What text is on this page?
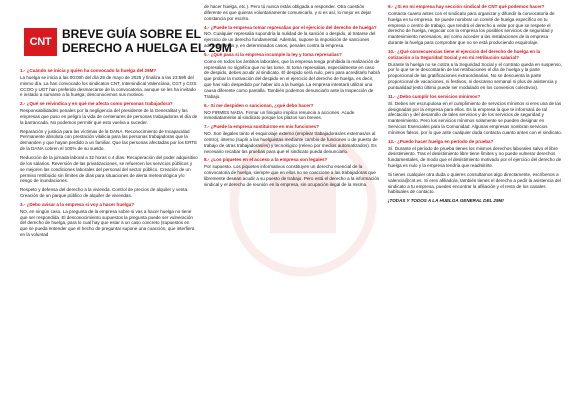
CNT
BREVE GUÍA SOBRE EL
DERECHO A HUELGA EL 29M
1.- ¿Cuándo se inicia y quién ha convocado la huelga del 29M?
La huelga se inicia a las 00:00h del día 29 de mayo de 2025 y finaliza a las 23:59h del mismo día. La han convocado los sindicatos CNT, Intersindical Valenciana, CGT y COS. CCOO y UGT han preferido desmarcarse de la convocatoria, aunque se les ha invitado e instado a sumarse a la huelga; desconocemos sus motivos.
2.- ¿Qué se reivindica y en qué me afecta como personas trabajadora?
Responsabilidades penales por la negligencia del presidente de la Generalitat y las empresas que puso en peligro la vida de centenares de personas trabajadoras el día de la barrancada. No podemos permitir que esto vuelva a suceder.
Reparación y justicia para las víctimas de la DANA. Reconocimiento de Incapacidad Permanente absoluta con prestación vitalicia para las personas trabajadoras que la demanden y que hayan perdido a un familiar. Que las personas afectadas por los ERTE de la DANA cobren el 100% de su sueldo.
Reducción de la jornada laboral a 32 horas o 4 días. Recuperación del poder adquisitivo de los salarios. Reversión de las privatizaciones, se refuercen los servicios públicos y se mejoren las condiciones laborales del personal del sector público. Creación de un permiso retribuido sin límites de días para situaciones de alerta meteorológica y/o riesgo de inundaciones.
Respeto y defensa del derecho a la vivienda. Control de precios de alquiler y venta. Creación de un parque público de alquiler de viviendas.
3.- ¿Debo avisar a la empresa si voy a hacer huelga?
NO, en ningún caso. La pregunta de la empresa sobre si vas a hacer huelga no tiene que ser respondida. El desconocimiento supuestos la pregunta puede ser vulneración del derecho de huelga, para lo cual hay que estar a un caso concreto (supuestos en que se pueda entender que el hecho de preguntar supone una coacción, que interfiera en la voluntad
de hacer huelga, etc.). Pero tú nunca estás obligada a responder. Otra cuestión diferente es que quieras voluntariamente comunicarlo, y si es así, lo mejor es dejar constancia por escrito.
4.- ¿Puede la empresa tomar represalias por el ejercicio del derecho de huelga?
NO. Cualquier represalia supondría la nulidad de la sanción o despido, al tratarse del ejercicio de un derecho fundamental. Además, supone la imposición de sanciones administrativas y, en determinados casos, penales contra la empresa.
5.- ¿Qué pasa si la empresa incumple la ley y toma represalias?
Como en todos los ámbitos laborales, que la empresa tenga prohibida la realización de represalias no significa que no las tome. Si toma represalias, especialmente en caso de despido, debes acudir al sindicato. El despido será nulo, pero para acreditarlo habrá que probar la motivación del despido en el ejercicio del derecho de huelga, es decir, que has sido despedido por haber ido a la huelga. La empresa intentará utilizar una causa diferente como pantalla. También podemos denunciarlo ante la Inspección de Trabajo.
6.- Si me despiden o sancionan, ¿qué debo hacer?
NO FIRMES NADA. Firmar un finiquito implica renuncia a acciones. Acude inmediatamente al sindicato porque los plazos son breves.
7.- ¿Puede la empresa sustituirme en mis funciones?
NO. Son ilegales tanto el esquirolaje externo (emplear trabajadoras/es externas/os al centro), interno (suplir a las huelguistas mediante cambio de funciones o de puesto de trabajo de otras trabajadoras/es) y tecnológico (relevo por medios automatizados). Es necesario recabar las pruebas para que el sindicato pueda denunciarlo.
8.- ¿Los piquetes en el acceso a la empresa son legales?
Por supuesto. Los piquetes informativos constituyen un derecho esencial de la convocatoria de huelga, siempre que en ellos no se coaccione a las trabajadoras que libremente desean acudir a su puesto de trabajo. Pero está el derecho a la información sindical y el derecho de reunión en la empresa, sin ocupación ilegal de la misma.
9.- ¿Si en mi empresa hay sección sindical de CNT qué podemos hacer?
Contacta cuanto antes con el sindicato para organizar y difundir la convocatoria de huelga en tu empresa. Se puede nombrar un comité de huelga específico en tu empresa o centro de trabajo, que tendrá el derecho a velar por que se respete el derecho de huelga, negociar con la empresa los posibles servicios de seguridad y mantenimiento necesarios, así como acceder a las instalaciones de la empresa durante la huelga para comprobar que no se está produciendo esquirolaje.
10.- ¿Qué consecuencias tiene el ejercicio del derecho de huelga en la cotización a la Seguridad Social y en mi retribución salarial?
Durante la huelga no se cotiza a la Seguridad Social y el contrato queda en suspenso, por lo que se te descontarán de las retribuciones el día de huelga y la parte proporcional de las gratificaciones extraordinarias. No se descuenta la parte proporcional de vacaciones, ni festivos, ni descanso semanal ni plus de asistencia y puntualidad (esto último puede ser modulado en los convenios colectivos).
11.- ¿Debo cumplir los servicios mínimos?
Sí. Debes ser escrupulosa en el cumplimiento de servicios mínimos si eres una de las designadas por la empresa para ellos. Es la empresa la que te informará de tal afectación y del desarrollo de tales servicios y de los servicios de seguridad y mantenimiento. Pero los servicios mínimos solamente se pueden designar en Servicios Esenciales para la Comunidad. Algunas empresas nombran servicios mínimos falsos, por lo que ante cualquier duda contacta cuanto antes con el sindicato.
12.- ¿Puedo hacer huelga en período de prueba?
Sí. Durante el período de prueba tienes los mismos derechos laborales salvo el libre desistimiento. Tras el desistimiento libre tiene límites y no puede vulnerar derechos fundamentales, de modo que el desistimiento motivado por el ejercicio del derecho de huelga es nulo y la empresa tendría que readmitirte.
Si tienes cualquier otra duda o quieres consultarnos algo directamente, escríbenos a valencia@cnt.es. Si eres afiliado/a, también tienes el derecho a pedir la asistencia del sindicato a tu empresa, puedes encontrar la afiliación y el resto de los canales habituales de contacto.
¡TODAS Y TODOS A LA HUELGA GENERAL DEL 29M!
